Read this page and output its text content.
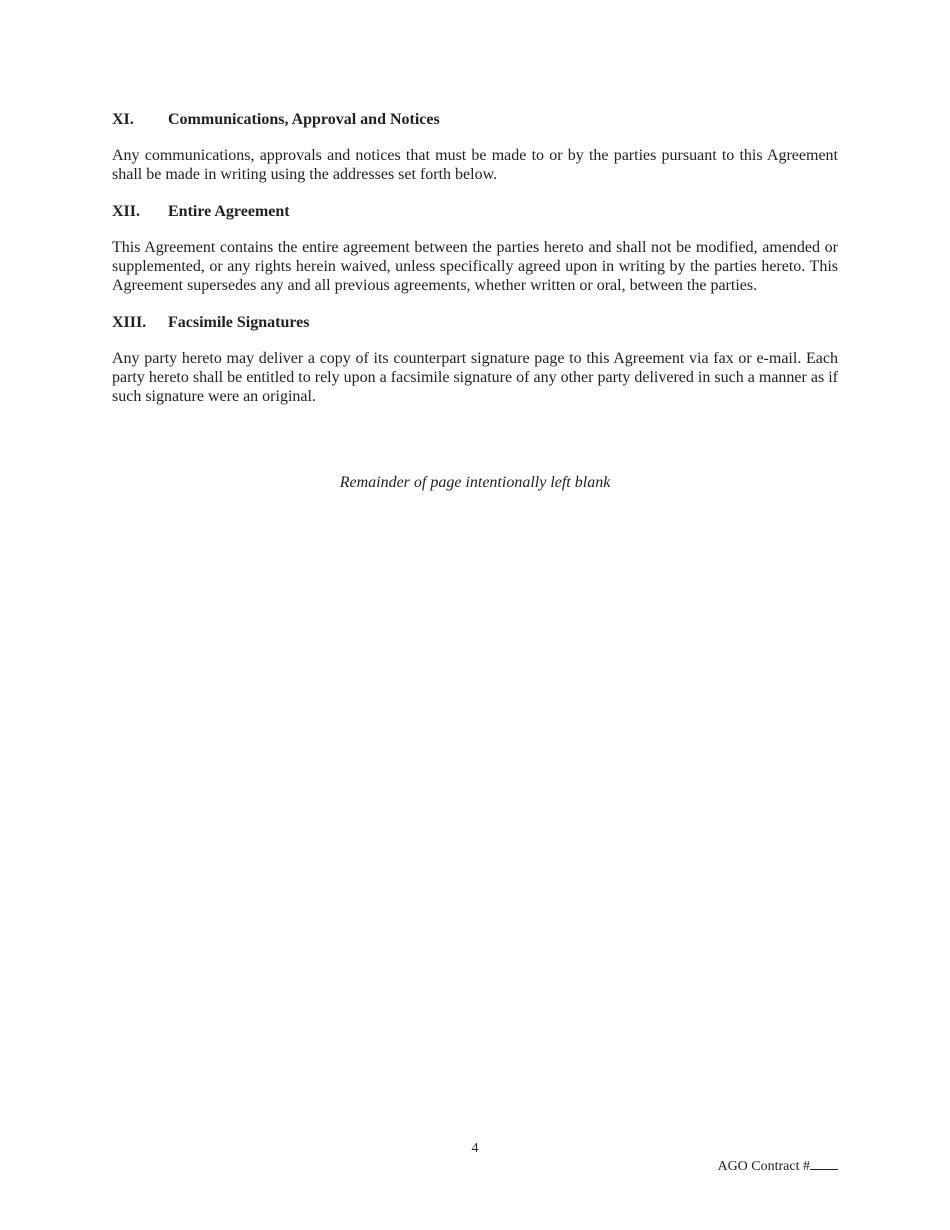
XI.	Communications, Approval and Notices

Any communications, approvals and notices that must be made to or by the parties pursuant to this Agreement shall be made in writing using the addresses set forth below.

XII.	Entire Agreement

This Agreement contains the entire agreement between the parties hereto and shall not be modified, amended or supplemented, or any rights herein waived, unless specifically agreed upon in writing by the parties hereto. This Agreement supersedes any and all previous agreements, whether written or oral, between the parties.

XIII.	Facsimile Signatures

Any party hereto may deliver a copy of its counterpart signature page to this Agreement via fax or e-mail. Each party hereto shall be entitled to rely upon a facsimile signature of any other party delivered in such a manner as if such signature were an original.

Remainder of page intentionally left blank
4
AGO Contract #
